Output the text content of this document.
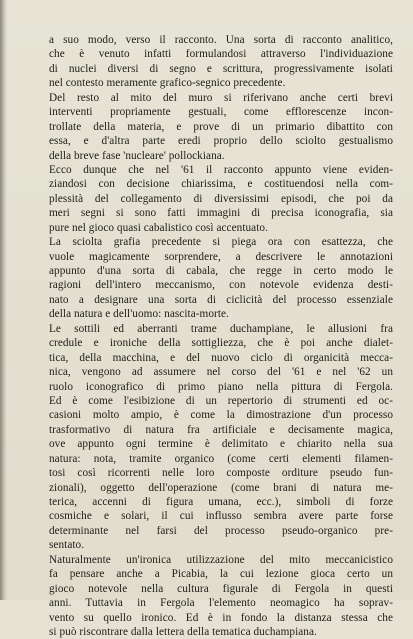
a suo modo, verso il racconto. Una sorta di racconto analitico,
che è venuto infatti formulandosi attraverso l'individuazione
di nuclei diversi di segno e scrittura, progressivamente isolati
nel contesto meramente grafico-segnico precedente.
Del resto al mito del muro si riferivano anche certi brevi
interventi propriamente gestuali, come efflorescenze incon-
trollate della materia, e prove di un primario dibattito con
essa, e d'altra parte eredi proprio dello sciolto gestualismo
della breve fase 'nucleare' pollockiana.
Ecco dunque che nel '61 il racconto appunto viene eviden-
ziandosi con decisione chiarissima, e costituendosi nella com-
plessità del collegamento di diversissimi episodi, che poi da
meri segni si sono fatti immagini di precisa iconografia, sia
pure nel gioco quasi cabalistico così accentuato.
La sciolta grafia precedente si piega ora con esattezza, che
vuole magicamente sorprendere, a descrivere le annotazioni
appunto d'una sorta di cabala, che regge in certo modo le
ragioni dell'intero meccanismo, con notevole evidenza desti-
nato a designare una sorta di ciclicità del processo essenziale
della natura e dell'uomo: nascita-morte.
Le sottili ed aberranti trame duchampiane, le allusioni fra
credule e ironiche della sottigliezza, che è poi anche dialet-
tica, della macchina, e del nuovo ciclo di organicità mecca-
nica, vengono ad assumere nel corso del '61 e nel '62 un
ruolo iconografico di primo piano nella pittura di Fergola.
Ed è come l'esibizione di un repertorio di strumenti ed oc-
casioni molto ampio, è come la dimostrazione d'un processo
trasformativo di natura fra artificiale e decisamente magica,
ove appunto ogni termine è delimitato e chiarito nella sua
natura: nota, tramite organico (come certi elementi filamen-
tosi così ricorrenti nelle loro composte orditure pseudo fun-
zionali), oggetto dell'operazione (come brani di natura me-
terica, accenni di figura umana, ecc.), simboli di forze
cosmiche e solari, il cui influsso sembra avere parte forse
determinante nel farsi del processo pseudo-organico pre-
sentato.
Naturalmente un'ironica utilizzazione del mito meccanicistico
fa pensare anche a Picabia, la cui lezione gioca certo un
gioco notevole nella cultura figurale di Fergola in questi
anni. Tuttavia in Fergola l'elemento neomagico ha soprav-
vento su quello ironico. Ed è in fondo la distanza stessa che
si può riscontrare dalla lettera della tematica duchampiana.
